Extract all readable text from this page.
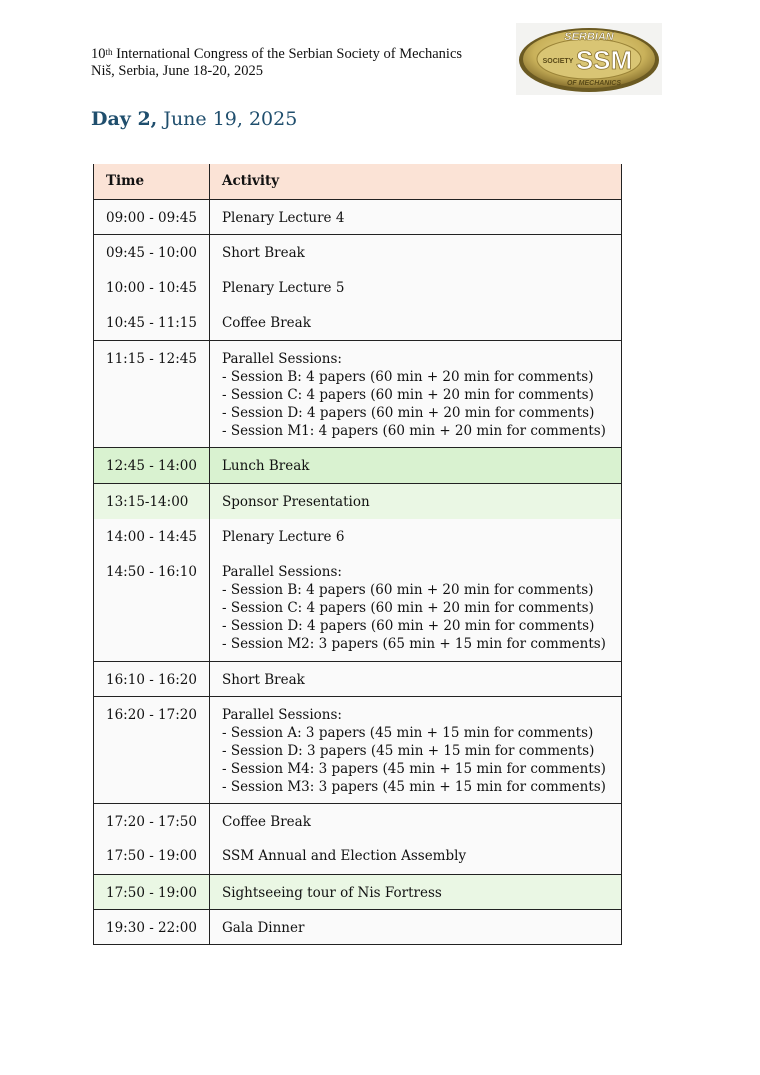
10th International Congress of the Serbian Society of Mechanics
Niš, Serbia, June 18-20, 2025
SERBIAN
SOCIETY SSM
OF MECHANICS
Day 2, June 19, 2025
Time	Activity
09:00 - 09:45	Plenary Lecture 4

09:45 - 10:00	Short Break

10:00 - 10:45	Plenary Lecture 5

10:45 - 11:15	Coffee Break

11:15 - 12:45	Parallel Sessions:
- Session B: 4 papers (60 min + 20 min for comments)
- Session C: 4 papers (60 min + 20 min for comments)
- Session D: 4 papers (60 min + 20 min for comments)
- Session M1: 4 papers (60 min + 20 min for comments)

12:45 - 14:00	Lunch Break

13:15-14:00	Sponsor Presentation

14:00 - 14:45	Plenary Lecture 6

14:50 - 16:10	Parallel Sessions:
- Session B: 4 papers (60 min + 20 min for comments)
- Session C: 4 papers (60 min + 20 min for comments)
- Session D: 4 papers (60 min + 20 min for comments)
- Session M2: 3 papers (65 min + 15 min for comments)

16:10 - 16:20	Short Break

16:20 - 17:20	Parallel Sessions:
- Session A: 3 papers (45 min + 15 min for comments)
- Session D: 3 papers (45 min + 15 min for comments)
- Session M4: 3 papers (45 min + 15 min for comments)
- Session M3: 3 papers (45 min + 15 min for comments)

17:20 - 17:50	Coffee Break

17:50 - 19:00	SSM Annual and Election Assembly

17:50 - 19:00	Sightseeing tour of Nis Fortress

19:30 - 22:00	Gala Dinner
